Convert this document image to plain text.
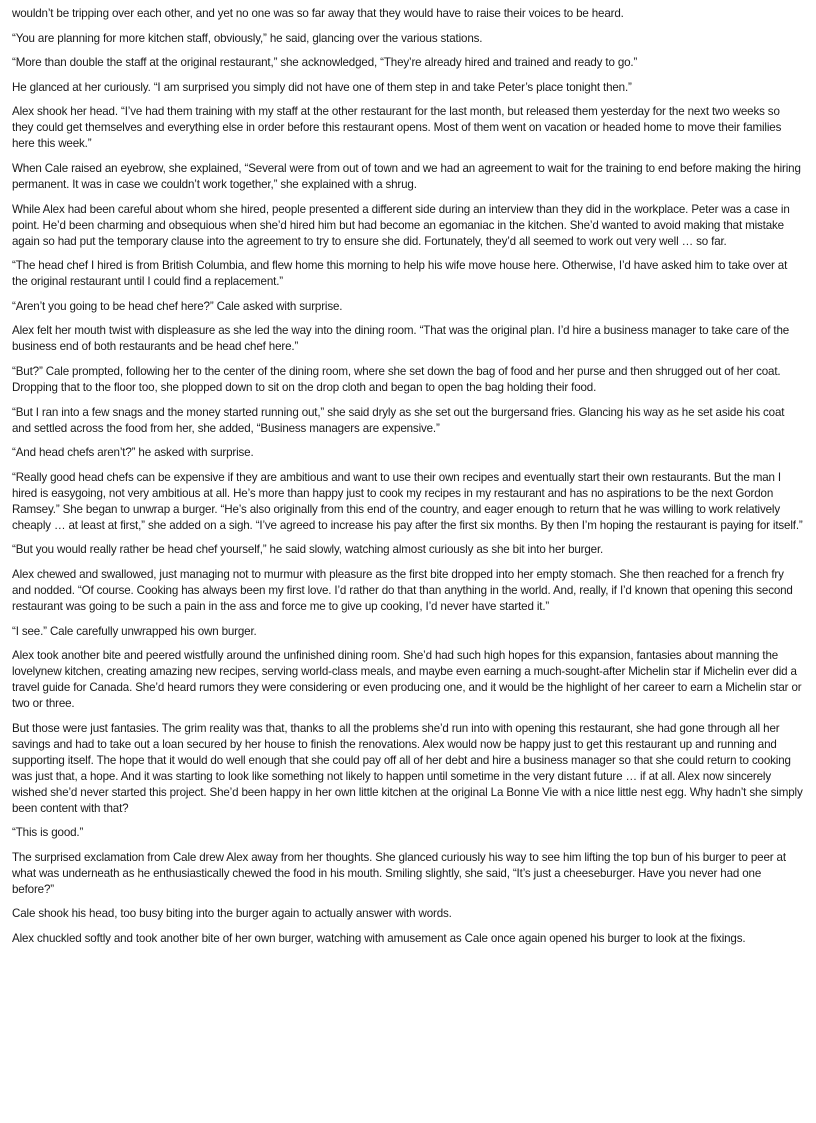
wouldn’t be tripping over each other, and yet no one was so far away that they would have to raise their voices to be heard.

“You are planning for more kitchen staff, obviously,” he said, glancing over the various stations.

“More than double the staff at the original restaurant,” she acknowledged, “They’re already hired and trained and ready to go.”

He glanced at her curiously. “I am surprised you simply did not have one of them step in and take Peter’s place tonight then.”

Alex shook her head. “I’ve had them training with my staff at the other restaurant for the last month, but released them yesterday for the next two weeks so they could get themselves and everything else in order before this restaurant opens. Most of them went on vacation or headed home to move their families here this week.”

When Cale raised an eyebrow, she explained, “Several were from out of town and we had an agreement to wait for the training to end before making the hiring permanent. It was in case we couldn’t work together,” she explained with a shrug.

While Alex had been careful about whom she hired, people presented a different side during an interview than they did in the workplace. Peter was a case in point. He’d been charming and obsequious when she’d hired him but had become an egomaniac in the kitchen. She’d wanted to avoid making that mistake again so had put the temporary clause into the agreement to try to ensure she did. Fortunately, they’d all seemed to work out very well … so far.

“The head chef I hired is from British Columbia, and flew home this morning to help his wife move house here. Otherwise, I’d have asked him to take over at the original restaurant until I could find a replacement.”

“Aren’t you going to be head chef here?” Cale asked with surprise.

Alex felt her mouth twist with displeasure as she led the way into the dining room. “That was the original plan. I’d hire a business manager to take care of the business end of both restaurants and be head chef here.”

“But?” Cale prompted, following her to the center of the dining room, where she set down the bag of food and her purse and then shrugged out of her coat. Dropping that to the floor too, she plopped down to sit on the drop cloth and began to open the bag holding their food.

“But I ran into a few snags and the money started running out,” she said dryly as she set out the burgersand fries. Glancing his way as he set aside his coat and settled across the food from her, she added, “Business managers are expensive.”

“And head chefs aren’t?” he asked with surprise.

“Really good head chefs can be expensive if they are ambitious and want to use their own recipes and eventually start their own restaurants. But the man I hired is easygoing, not very ambitious at all. He’s more than happy just to cook my recipes in my restaurant and has no aspirations to be the next Gordon Ramsey.” She began to unwrap a burger. “He’s also originally from this end of the country, and eager enough to return that he was willing to work relatively cheaply … at least at first,” she added on a sigh. “I’ve agreed to increase his pay after the first six months. By then I’m hoping the restaurant is paying for itself.”

“But you would really rather be head chef yourself,” he said slowly, watching almost curiously as she bit into her burger.

Alex chewed and swallowed, just managing not to murmur with pleasure as the first bite dropped into her empty stomach. She then reached for a french fry and nodded. “Of course. Cooking has always been my first love. I’d rather do that than anything in the world. And, really, if I’d known that opening this second restaurant was going to be such a pain in the ass and force me to give up cooking, I’d never have started it.”

“I see.” Cale carefully unwrapped his own burger.

Alex took another bite and peered wistfully around the unfinished dining room. She’d had such high hopes for this expansion, fantasies about manning the lovelynew kitchen, creating amazing new recipes, serving world-class meals, and maybe even earning a much-sought-after Michelin star if Michelin ever did a travel guide for Canada. She’d heard rumors they were considering or even producing one, and it would be the highlight of her career to earn a Michelin star or two or three.

But those were just fantasies. The grim reality was that, thanks to all the problems she’d run into with opening this restaurant, she had gone through all her savings and had to take out a loan secured by her house to finish the renovations. Alex would now be happy just to get this restaurant up and running and supporting itself. The hope that it would do well enough that she could pay off all of her debt and hire a business manager so that she could return to cooking was just that, a hope. And it was starting to look like something not likely to happen until sometime in the very distant future … if at all. Alex now sincerely wished she’d never started this project. She’d been happy in her own little kitchen at the original La Bonne Vie with a nice little nest egg. Why hadn’t she simply been content with that?

“This is good.”

The surprised exclamation from Cale drew Alex away from her thoughts. She glanced curiously his way to see him lifting the top bun of his burger to peer at what was underneath as he enthusiastically chewed the food in his mouth. Smiling slightly, she said, “It’s just a cheeseburger. Have you never had one before?”

Cale shook his head, too busy biting into the burger again to actually answer with words.

Alex chuckled softly and took another bite of her own burger, watching with amusement as Cale once again opened his burger to look at the fixings.
